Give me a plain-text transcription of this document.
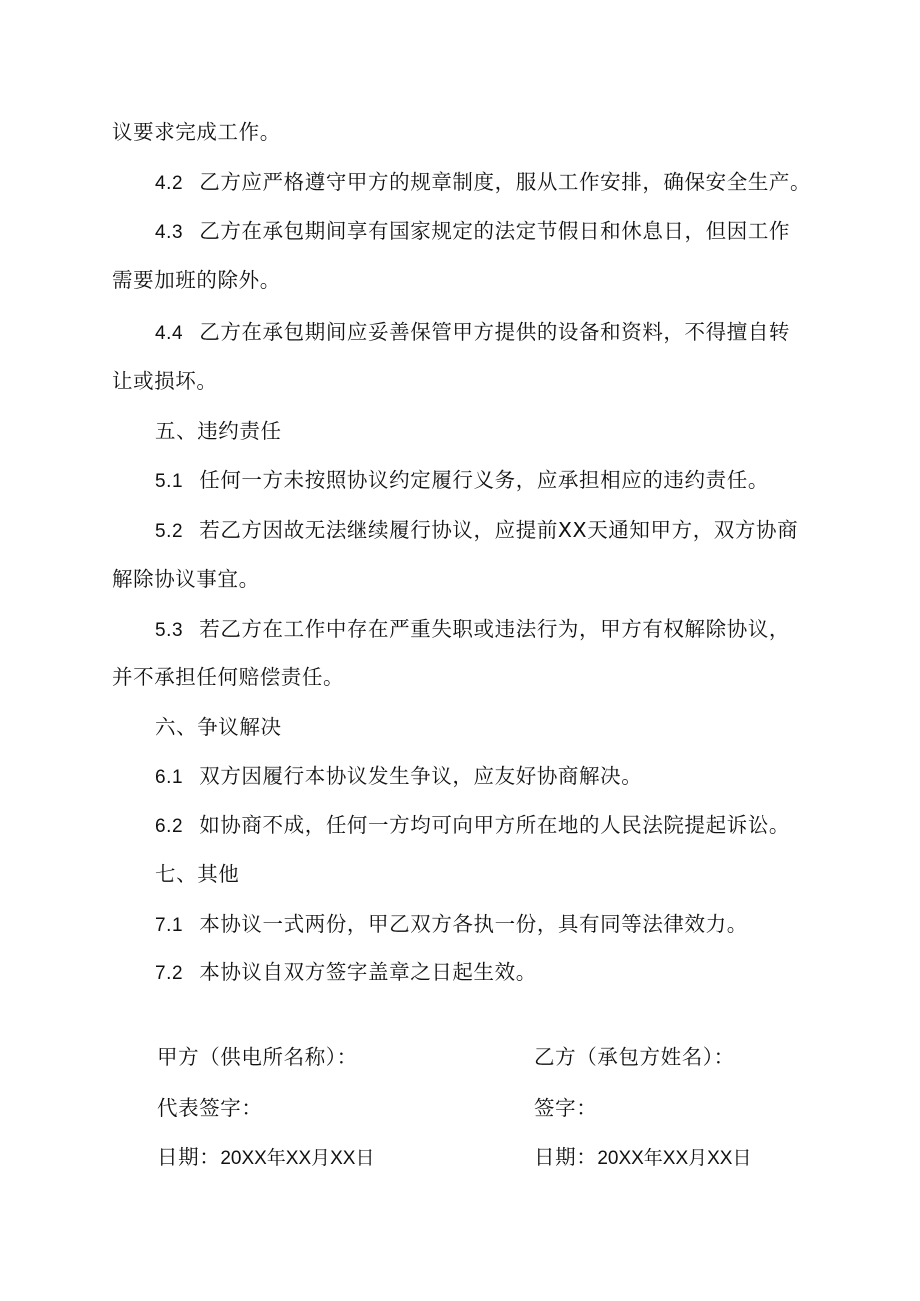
议要求完成工作。
4.2 乙方应严格遵守甲方的规章制度，服从工作安排，确保安全生产。
4.3 乙方在承包期间享有国家规定的法定节假日和休息日，但因工作
需要加班的除外。
4.4 乙方在承包期间应妥善保管甲方提供的设备和资料，不得擅自转
让或损坏。
五、违约责任
5.1 任何一方未按照协议约定履行义务，应承担相应的违约责任。
5.2 若乙方因故无法继续履行协议，应提前XX天通知甲方，双方协商
解除协议事宜。
5.3 若乙方在工作中存在严重失职或违法行为，甲方有权解除协议，
并不承担任何赔偿责任。
六、争议解决
6.1 双方因履行本协议发生争议，应友好协商解决。
6.2 如协商不成，任何一方均可向甲方所在地的人民法院提起诉讼。
七、其他
7.1 本协议一式两份，甲乙双方各执一份，具有同等法律效力。
7.2 本协议自双方签字盖章之日起生效。
甲方（供电所名称）：	乙方（承包方姓名）：
代表签字：	签字：
日期：20XX年XX月XX日	日期：20XX年XX月XX日
